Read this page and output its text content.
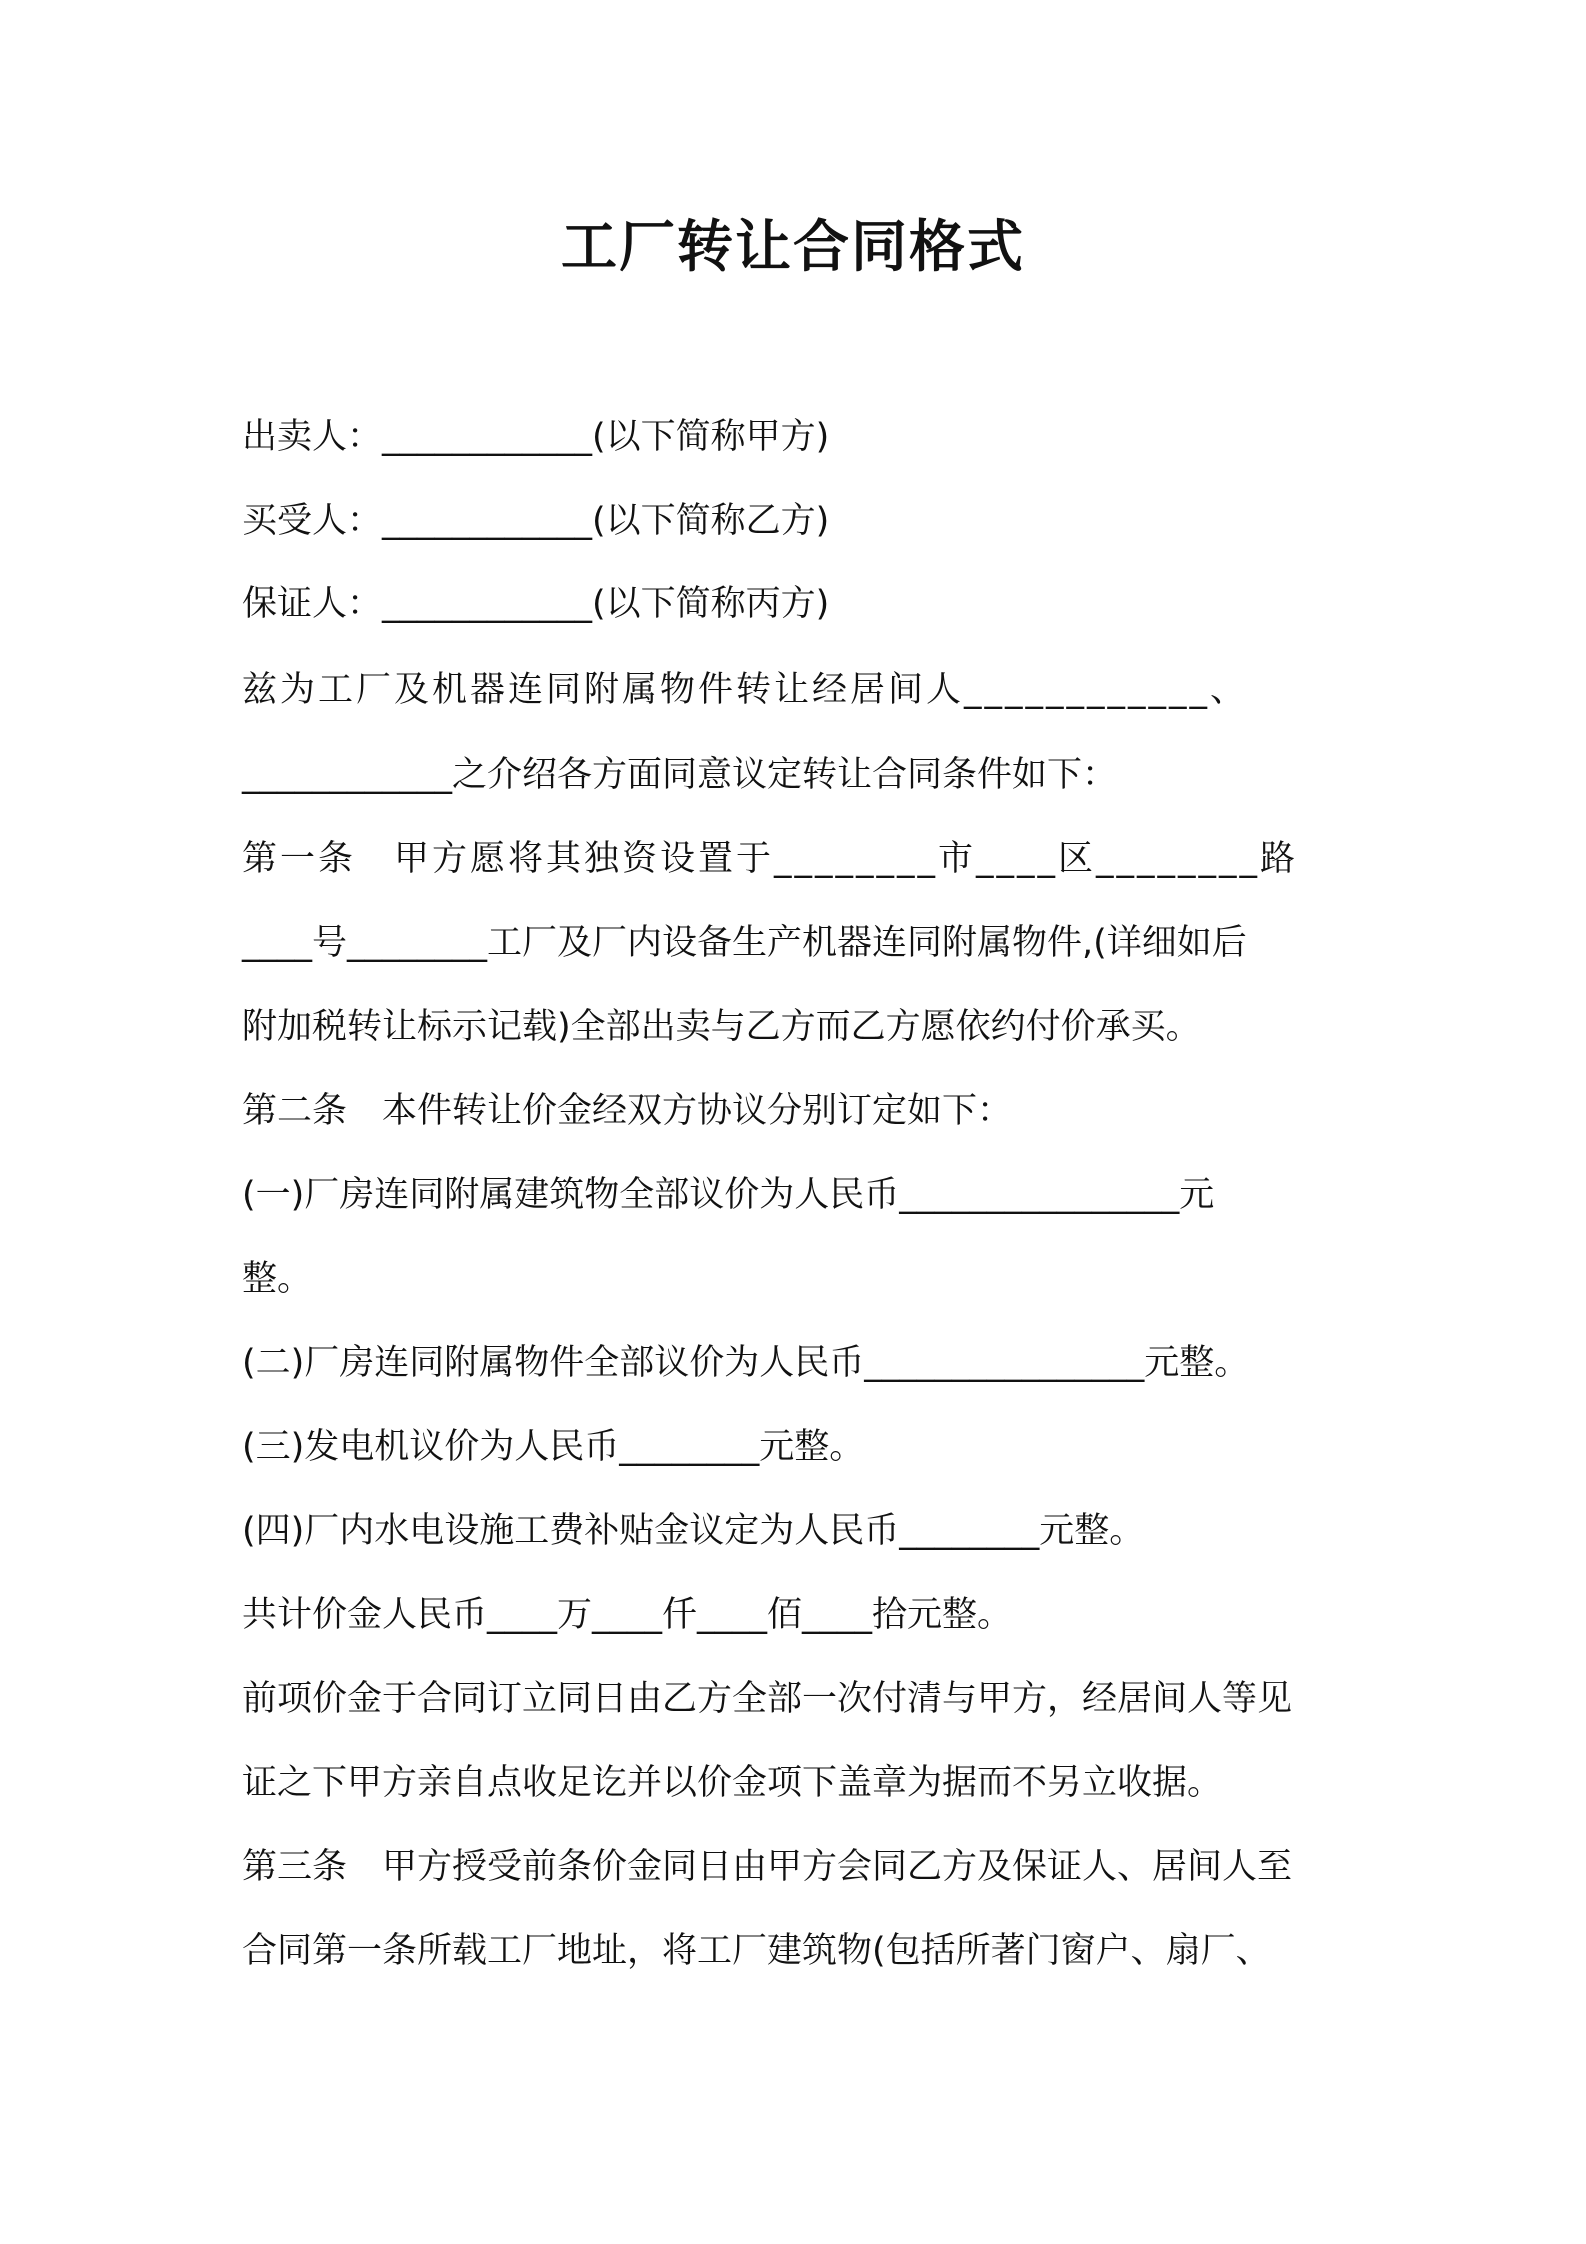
工厂转让合同格式

出卖人：____________(以下简称甲方)

买受人：____________(以下简称乙方)

保证人：____________(以下简称丙方)

兹为工厂及机器连同附属物件转让经居间人____________、

____________之介绍各方面同意议定转让合同条件如下：

第一条　甲方愿将其独资设置于________市____区________路

____号________工厂及厂内设备生产机器连同附属物件,(详细如后

附加税转让标示记载)全部出卖与乙方而乙方愿依约付价承买。

第二条　本件转让价金经双方协议分别订定如下：

(一)厂房连同附属建筑物全部议价为人民币________________元

整。

(二)厂房连同附属物件全部议价为人民币________________元整。

(三)发电机议价为人民币________元整。

(四)厂内水电设施工费补贴金议定为人民币________元整。

共计价金人民币____万____仟____佰____拾元整。

前项价金于合同订立同日由乙方全部一次付清与甲方，经居间人等见

证之下甲方亲自点收足讫并以价金项下盖章为据而不另立收据。

第三条　甲方授受前条价金同日由甲方会同乙方及保证人、居间人至

合同第一条所载工厂地址，将工厂建筑物(包括所著门窗户、扇厂、
